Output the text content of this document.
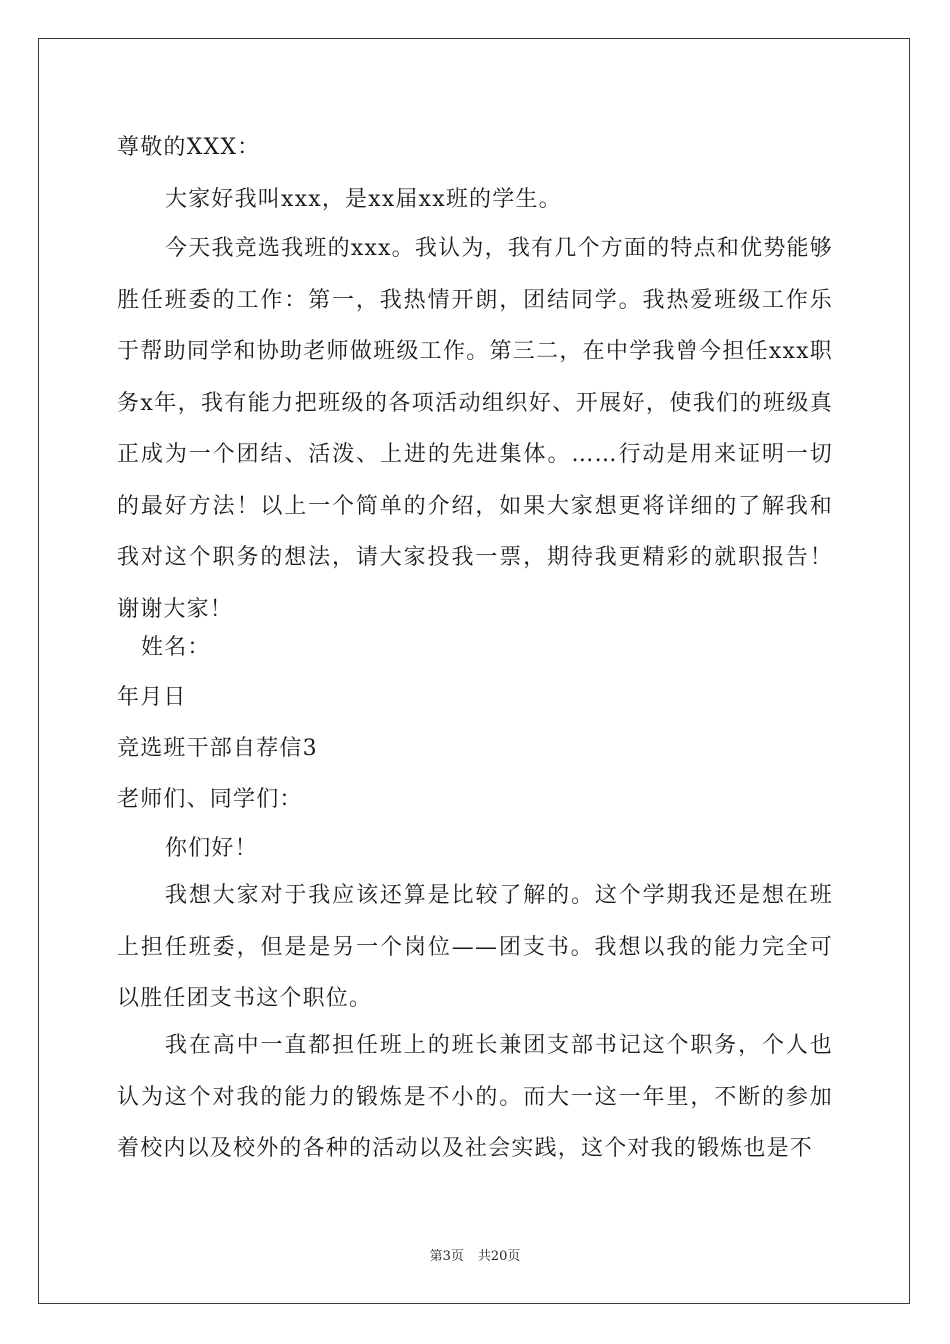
尊敬的XXX：
大家好我叫xxx，是xx届xx班的学生。
今天我竞选我班的xxx。我认为，我有几个方面的特点和优势能够胜任班委的工作：第一，我热情开朗，团结同学。我热爱班级工作乐于帮助同学和协助老师做班级工作。第三二，在中学我曾今担任xxx职务x年，我有能力把班级的各项活动组织好、开展好，使我们的班级真正成为一个团结、活泼、上进的先进集体。……行动是用来证明一切的最好方法！以上一个简单的介绍，如果大家想更将详细的了解我和我对这个职务的想法，请大家投我一票，期待我更精彩的就职报告！谢谢大家！
姓名：
年月日
竞选班干部自荐信3
老师们、同学们：
你们好！
我想大家对于我应该还算是比较了解的。这个学期我还是想在班上担任班委，但是是另一个岗位——团支书。我想以我的能力完全可以胜任团支书这个职位。
我在高中一直都担任班上的班长兼团支部书记这个职务，个人也认为这个对我的能力的锻炼是不小的。而大一这一年里，不断的参加着校内以及校外的各种的活动以及社会实践，这个对我的锻炼也是不
第3页 共20页
